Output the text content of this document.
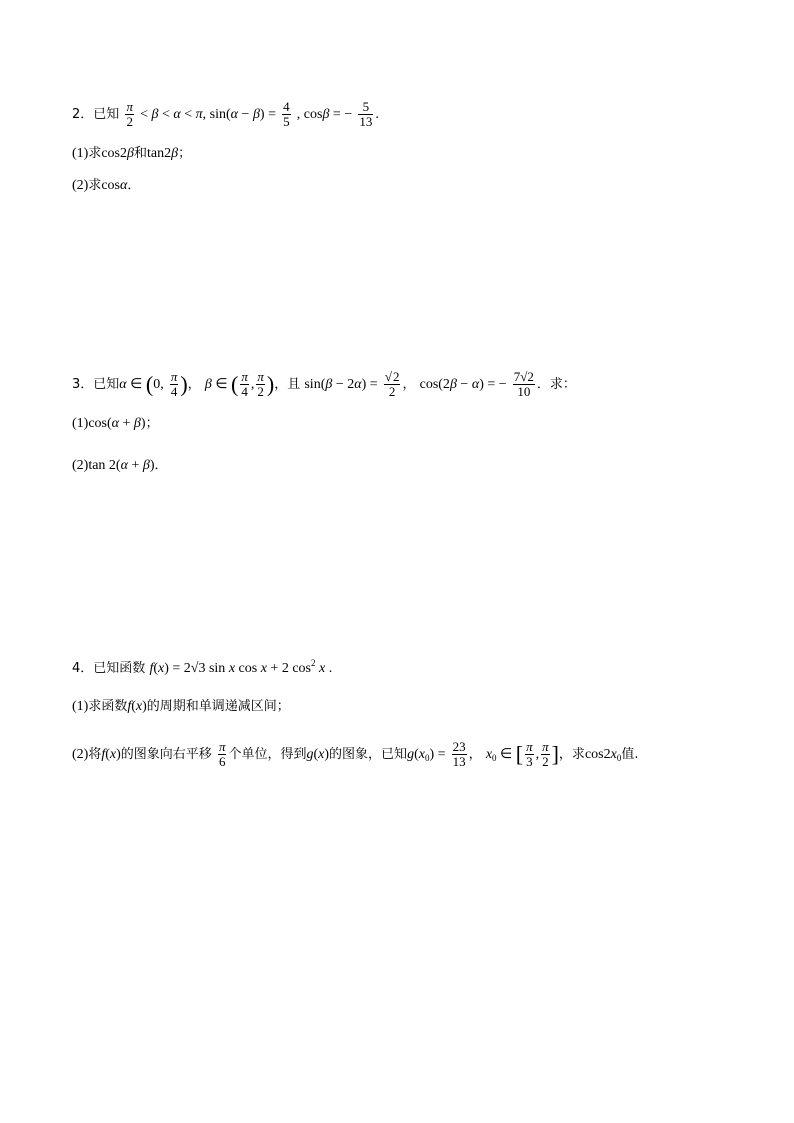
2．已知 $\frac{\pi}{2} < \beta < \alpha < \pi$, $\sin(\alpha - \beta) = \frac{4}{5}$ , cosβ = − $\frac{5}{13}$ .
(1)求cos2β和tan2β；
(2)求cosα．
3．已知α ∈ (0, $\frac{\pi}{4}$ )， β ∈ ( $\frac{\pi}{4}$ , $\frac{\pi}{2}$ )，且 $\sin(\beta - 2\alpha) = \frac{√2}{2}$ ， cos(2β − α) = − $\frac{7√2}{10}$ ．求：
(1)cos(α + β)；
(2)tan 2(α + β)．
4．已知函数 f(x) = 2√3 sin x cos x + 2 $\cos^2 x$ .
(1)求函数f(x)的周期和单调递减区间；
(2)将f(x)的图象向右平移 $\frac{\pi}{6}$ 个单位，得到g(x)的图象，已知$g(x_0) = \frac{23}{13}$ ， $x_0$ ∈ [ $\frac{\pi}{3}$ , $\frac{\pi}{2}$ ]，求$\cos 2x_0$值.
